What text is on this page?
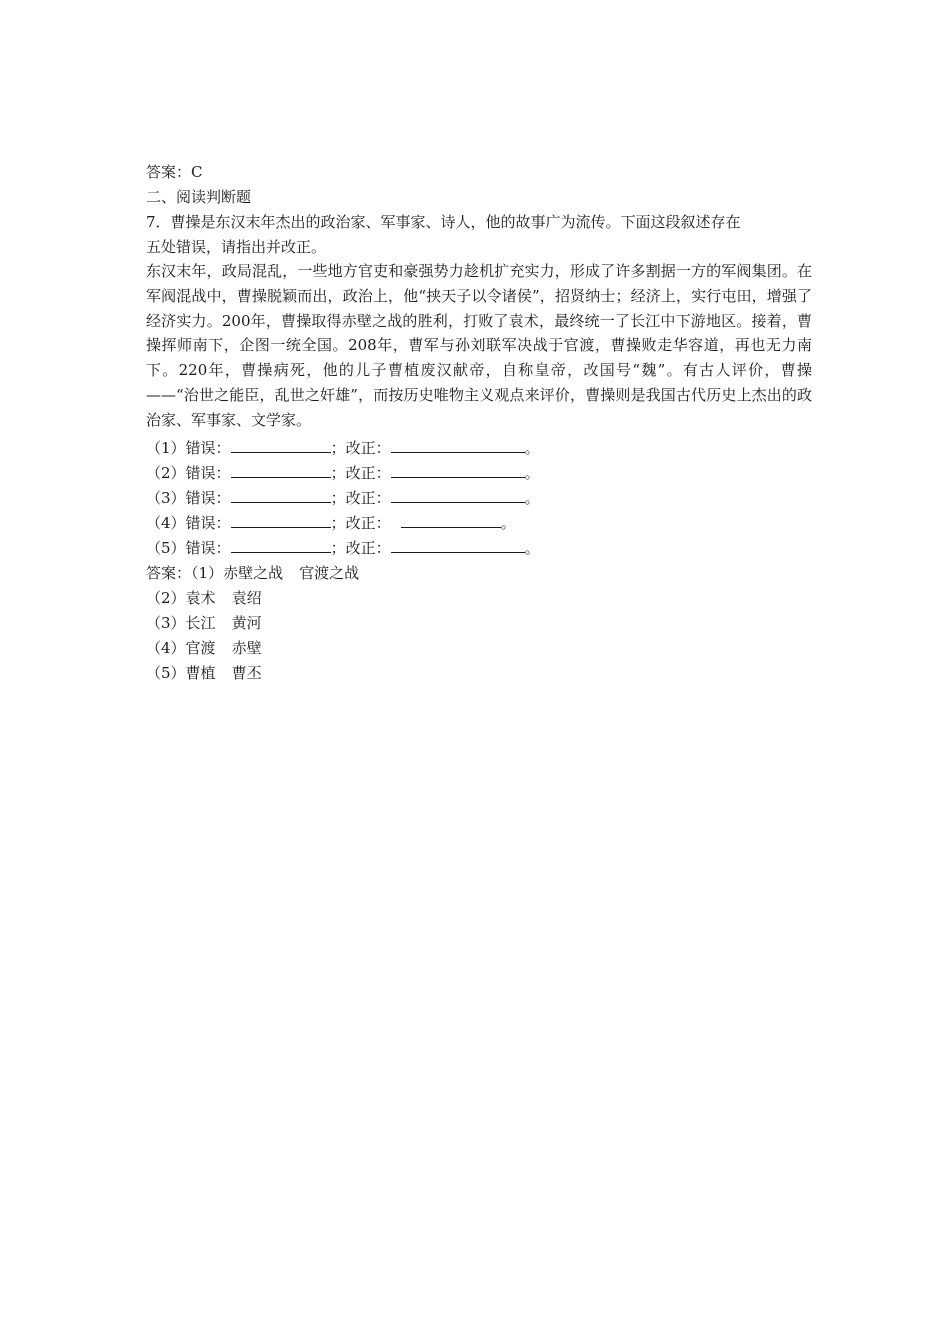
答案：C
二、阅读判断题
7．曹操是东汉末年杰出的政治家、军事家、诗人，他的故事广为流传。下面这段叙述存在
五处错误，请指出并改正。
东汉末年，政局混乱，一些地方官吏和豪强势力趁机扩充实力，形成了许多割据一方的军阀集团。在军阀混战中，曹操脱颖而出，政治上，他“挟天子以令诸侯”，招贤纳士；经济上，实行屯田，增强了经济实力。200年，曹操取得赤壁之战的胜利，打败了袁术，最终统一了长江中下游地区。接着，曹操挥师南下，企图一统全国。208年，曹军与孙刘联军决战于官渡，曹操败走华容道，再也无力南下。220年，曹操病死，他的儿子曹植废汉献帝，自称皇帝，改国号“魏”。有古人评价，曹操——“治世之能臣，乱世之奸雄”，而按历史唯物主义观点来评价，曹操则是我国古代历史上杰出的政治家、军事家、文学家。
（1）错误：	；改正：	。
（2）错误：	；改正：	。
（3）错误：	；改正：	。
（4）错误：	；改正：	。
（5）错误：	；改正：	。
答案：（1）赤壁之战 官渡之战
（2）袁术 袁绍
（3）长江 黄河
（4）官渡 赤壁
（5）曹植 曹丕
